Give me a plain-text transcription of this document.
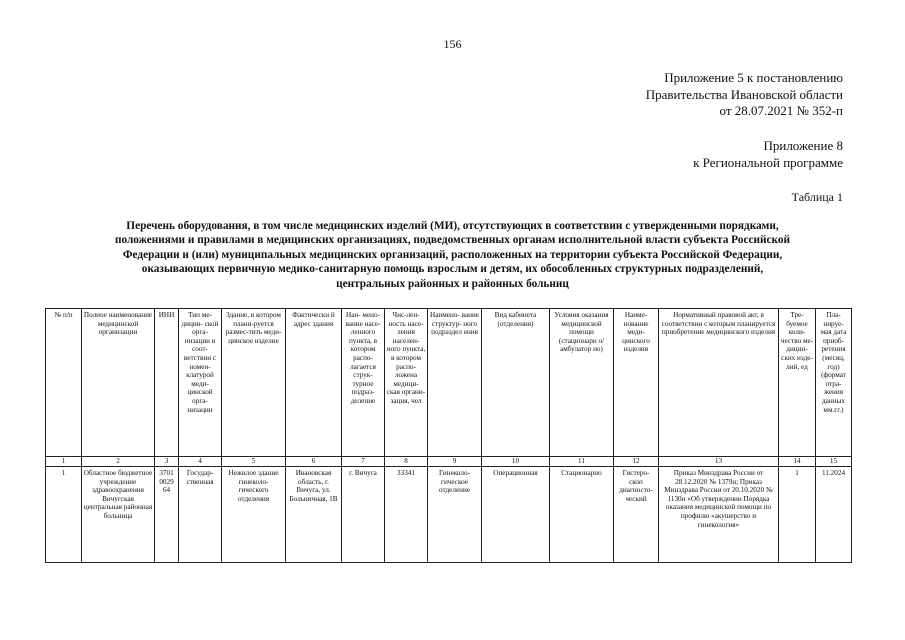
156
Приложение 5 к постановлению
Правительства Ивановской области
от 28.07.2021 № 352-п
Приложение 8
к Региональной программе
Таблица 1
Перечень оборудования, в том числе медицинских изделий (МИ), отсутствующих в соответствии с утвержденными порядками,
положениями и правилами в медицинских организациях, подведомственных органам исполнительной власти субъекта Российской
Федерации и (или) муниципальных медицинских организаций, расположенных на территории субъекта Российской Федерации,
оказывающих первичную медико-санитарную помощь взрослым и детям, их обособленных структурных подразделений,
центральных районных и районных больниц
№ п/п	Полное наименование медицинской организации	ИНН	Тип ме- дицин- ской орга- низации в соот- ветствии с номен- клатурой меди- цинской орга- низации	Здание, в котором плани-руется размес-тить меди- цинское изделие	Фактически й адрес здания	Наи- мено- вание насе- ленного пункта, в котором распо- лагается струк- турное подраз- деление	Чис-лен- ность насе- ления населен- ного пункта, в котором распо- ложена медици- ская органи- зация, чел	Наимено- вание структур- ного подраздел ения	Вид кабинета (отделения)	Условия оказания медицинской помощи (стационарн о/амбулатор но)	Наиме- нование меди- цинского изделия	Нормативный правовой акт, в соответствии с которым планируется приобретение медицинского изделия	Тре- буемое коли- чество ме- дицин- ских изде- лий, ед	Пла- нируе- мая дата приоб- ретения (месяц, год) (формат отра- жения данных мм.гг.)
1	2	3	4	5	6	7	8	9	10	11	12	13	14	15
1	Областное бюджетное учреждение здравоохранения Вичугская центральная районная больница	3701 0029 64	Государ- ственная	Нежилое здание гинеколо- гического отделения	Ивановская область, г. Вичуга, ул. Больничная, 1В	г. Вичуга	33341	Гинеколо- гическое отделение	Операционная	Стационарно	Гистеро- скоп диагносто- ческий	Приказ Минздрава России от 28.12.2020 № 1379н; Приказ Минздрава России от 20.10.2020 № 1130н «Об утверждении Порядка оказания медицинской помощи по профилю «акушерство и гинекология»	1	11.2024
